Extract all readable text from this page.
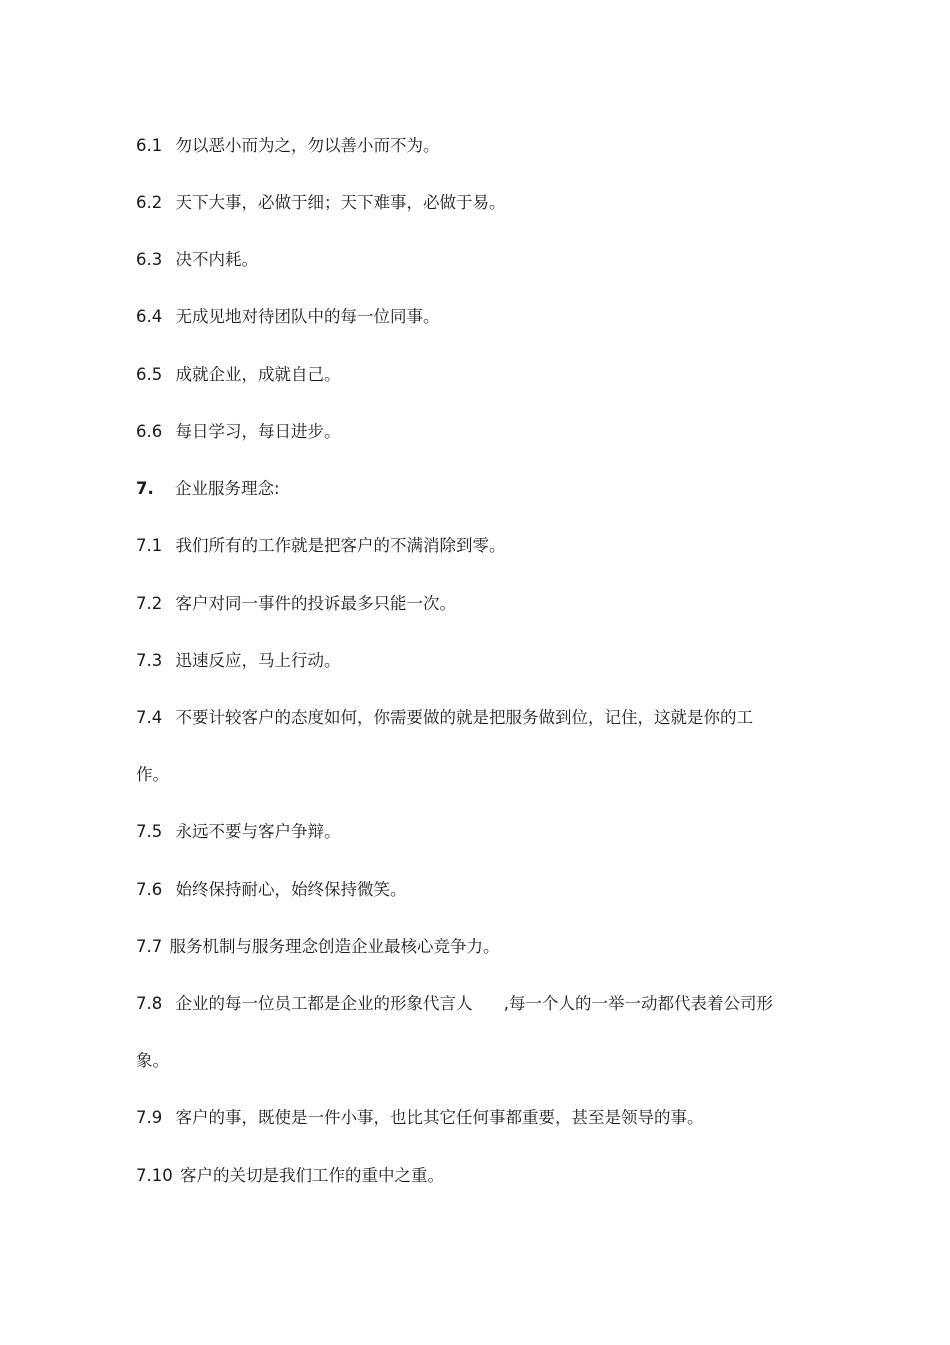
6.1 勿以恶小而为之，勿以善小而不为。
6.2 天下大事，必做于细；天下难事，必做于易。
6.3 决不内耗。
6.4 无成见地对待团队中的每一位同事。
6.5 成就企业，成就自己。
6.6 每日学习，每日进步。
7. 企业服务理念:
7.1 我们所有的工作就是把客户的不满消除到零。
7.2 客户对同一事件的投诉最多只能一次。
7.3 迅速反应，马上行动。
7.4 不要计较客户的态度如何，你需要做的就是把服务做到位，记住，这就是你的工
作。
7.5 永远不要与客户争辩。
7.6 始终保持耐心，始终保持微笑。
7.7 服务机制与服务理念创造企业最核心竞争力。
7.8 企业的每一位员工都是企业的形象代言人 ,每一个人的一举一动都代表着公司形
象。
7.9 客户的事，既使是一件小事，也比其它任何事都重要，甚至是领导的事。
7.10 客户的关切是我们工作的重中之重。
